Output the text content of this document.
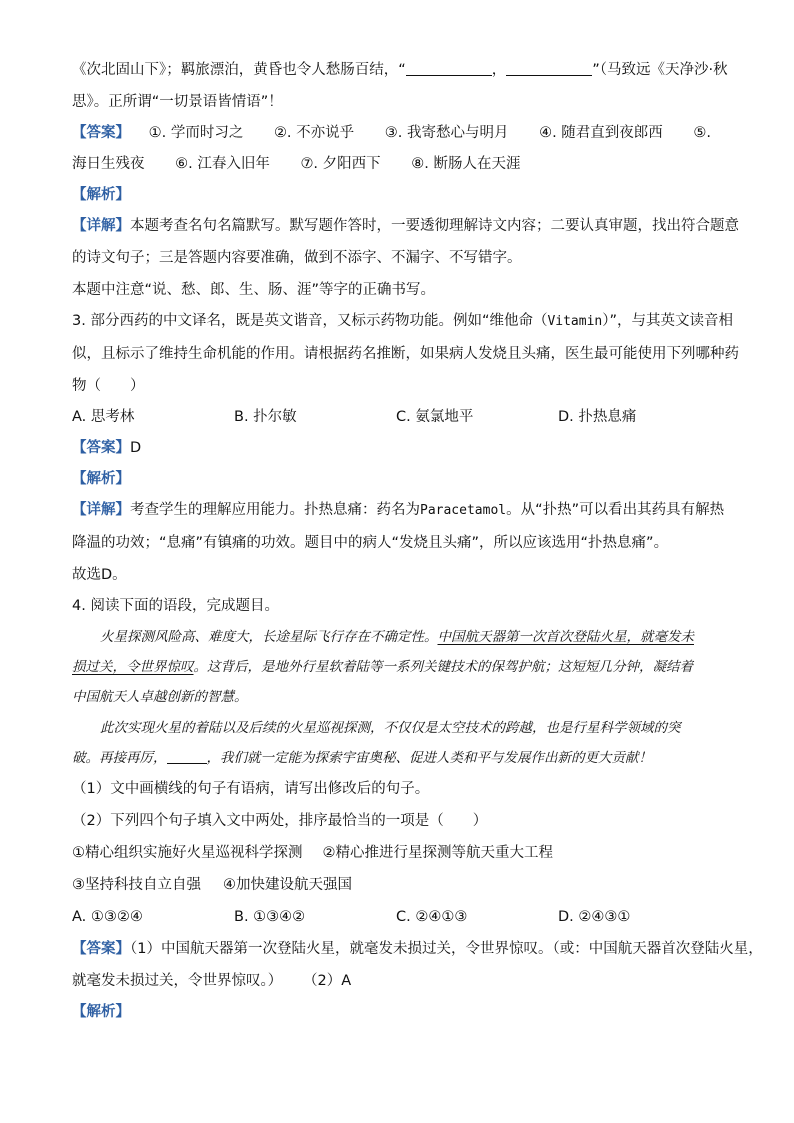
《次北固山下》；羁旅漂泊，黄昏也令人愁肠百结，“	，	”（马致远《天净沙·秋

思》。正所谓“一切景语皆情语”！

【答案】 ①. 学而时习之 ②. 不亦说乎 ③. 我寄愁心与明月 ④. 随君直到夜郎西 ⑤.

海日生残夜 ⑥. 江春入旧年 ⑦. 夕阳西下 ⑧. 断肠人在天涯

【解析】

【详解】本题考查名句名篇默写。默写题作答时，一要透彻理解诗文内容；二要认真审题，找出符合题意

的诗文句子；三是答题内容要准确，做到不添字、不漏字、不写错字。

本题中注意“说、愁、郎、生、肠、涯”等字的正确书写。

3. 部分西药的中文译名，既是英文谐音，又标示药物功能。例如“维他命（Vitamin）”，与其英文读音相

似，且标示了维持生命机能的作用。请根据药名推断，如果病人发烧且头痛，医生最可能使用下列哪种药

物（　　）

A. 思考林	B. 扑尔敏	C. 氨氯地平	D. 扑热息痛

【答案】D

【解析】

【详解】考查学生的理解应用能力。扑热息痛：药名为Paracetamol。从“扑热”可以看出其药具有解热

降温的功效；“息痛”有镇痛的功效。题目中的病人“发烧且头痛”，所以应该选用“扑热息痛”。

故选D。

4. 阅读下面的语段，完成题目。

火星探测风险高、难度大，长途星际飞行存在不确定性。中国航天器第一次首次登陆火星，就毫发未

损过关，令世界惊叹。这背后，是地外行星软着陆等一系列关键技术的保驾护航；这短短几分钟，凝结着

中国航天人卓越创新的智慧。

此次实现火星的着陆以及后续的火星巡视探测，不仅仅是太空技术的跨越，也是行星科学领域的突

破。再接再厉，	，我们就一定能为探索宇宙奥秘、促进人类和平与发展作出新的更大贡献！

（1）文中画横线的句子有语病，请写出修改后的句子。

（2）下列四个句子填入文中两处，排序最恰当的一项是（　　）

①精心组织实施好火星巡视科学探测 ②精心推进行星探测等航天重大工程

③坚持科技自立自强 ④加快建设航天强国

A. ①③②④	B. ①③④②	C. ②④①③	D. ②④③①

【答案】（1）中国航天器第一次登陆火星，就毫发未损过关，令世界惊叹。（或：中国航天器首次登陆火星，

就毫发未损过关，令世界惊叹。） （2）A

【解析】
